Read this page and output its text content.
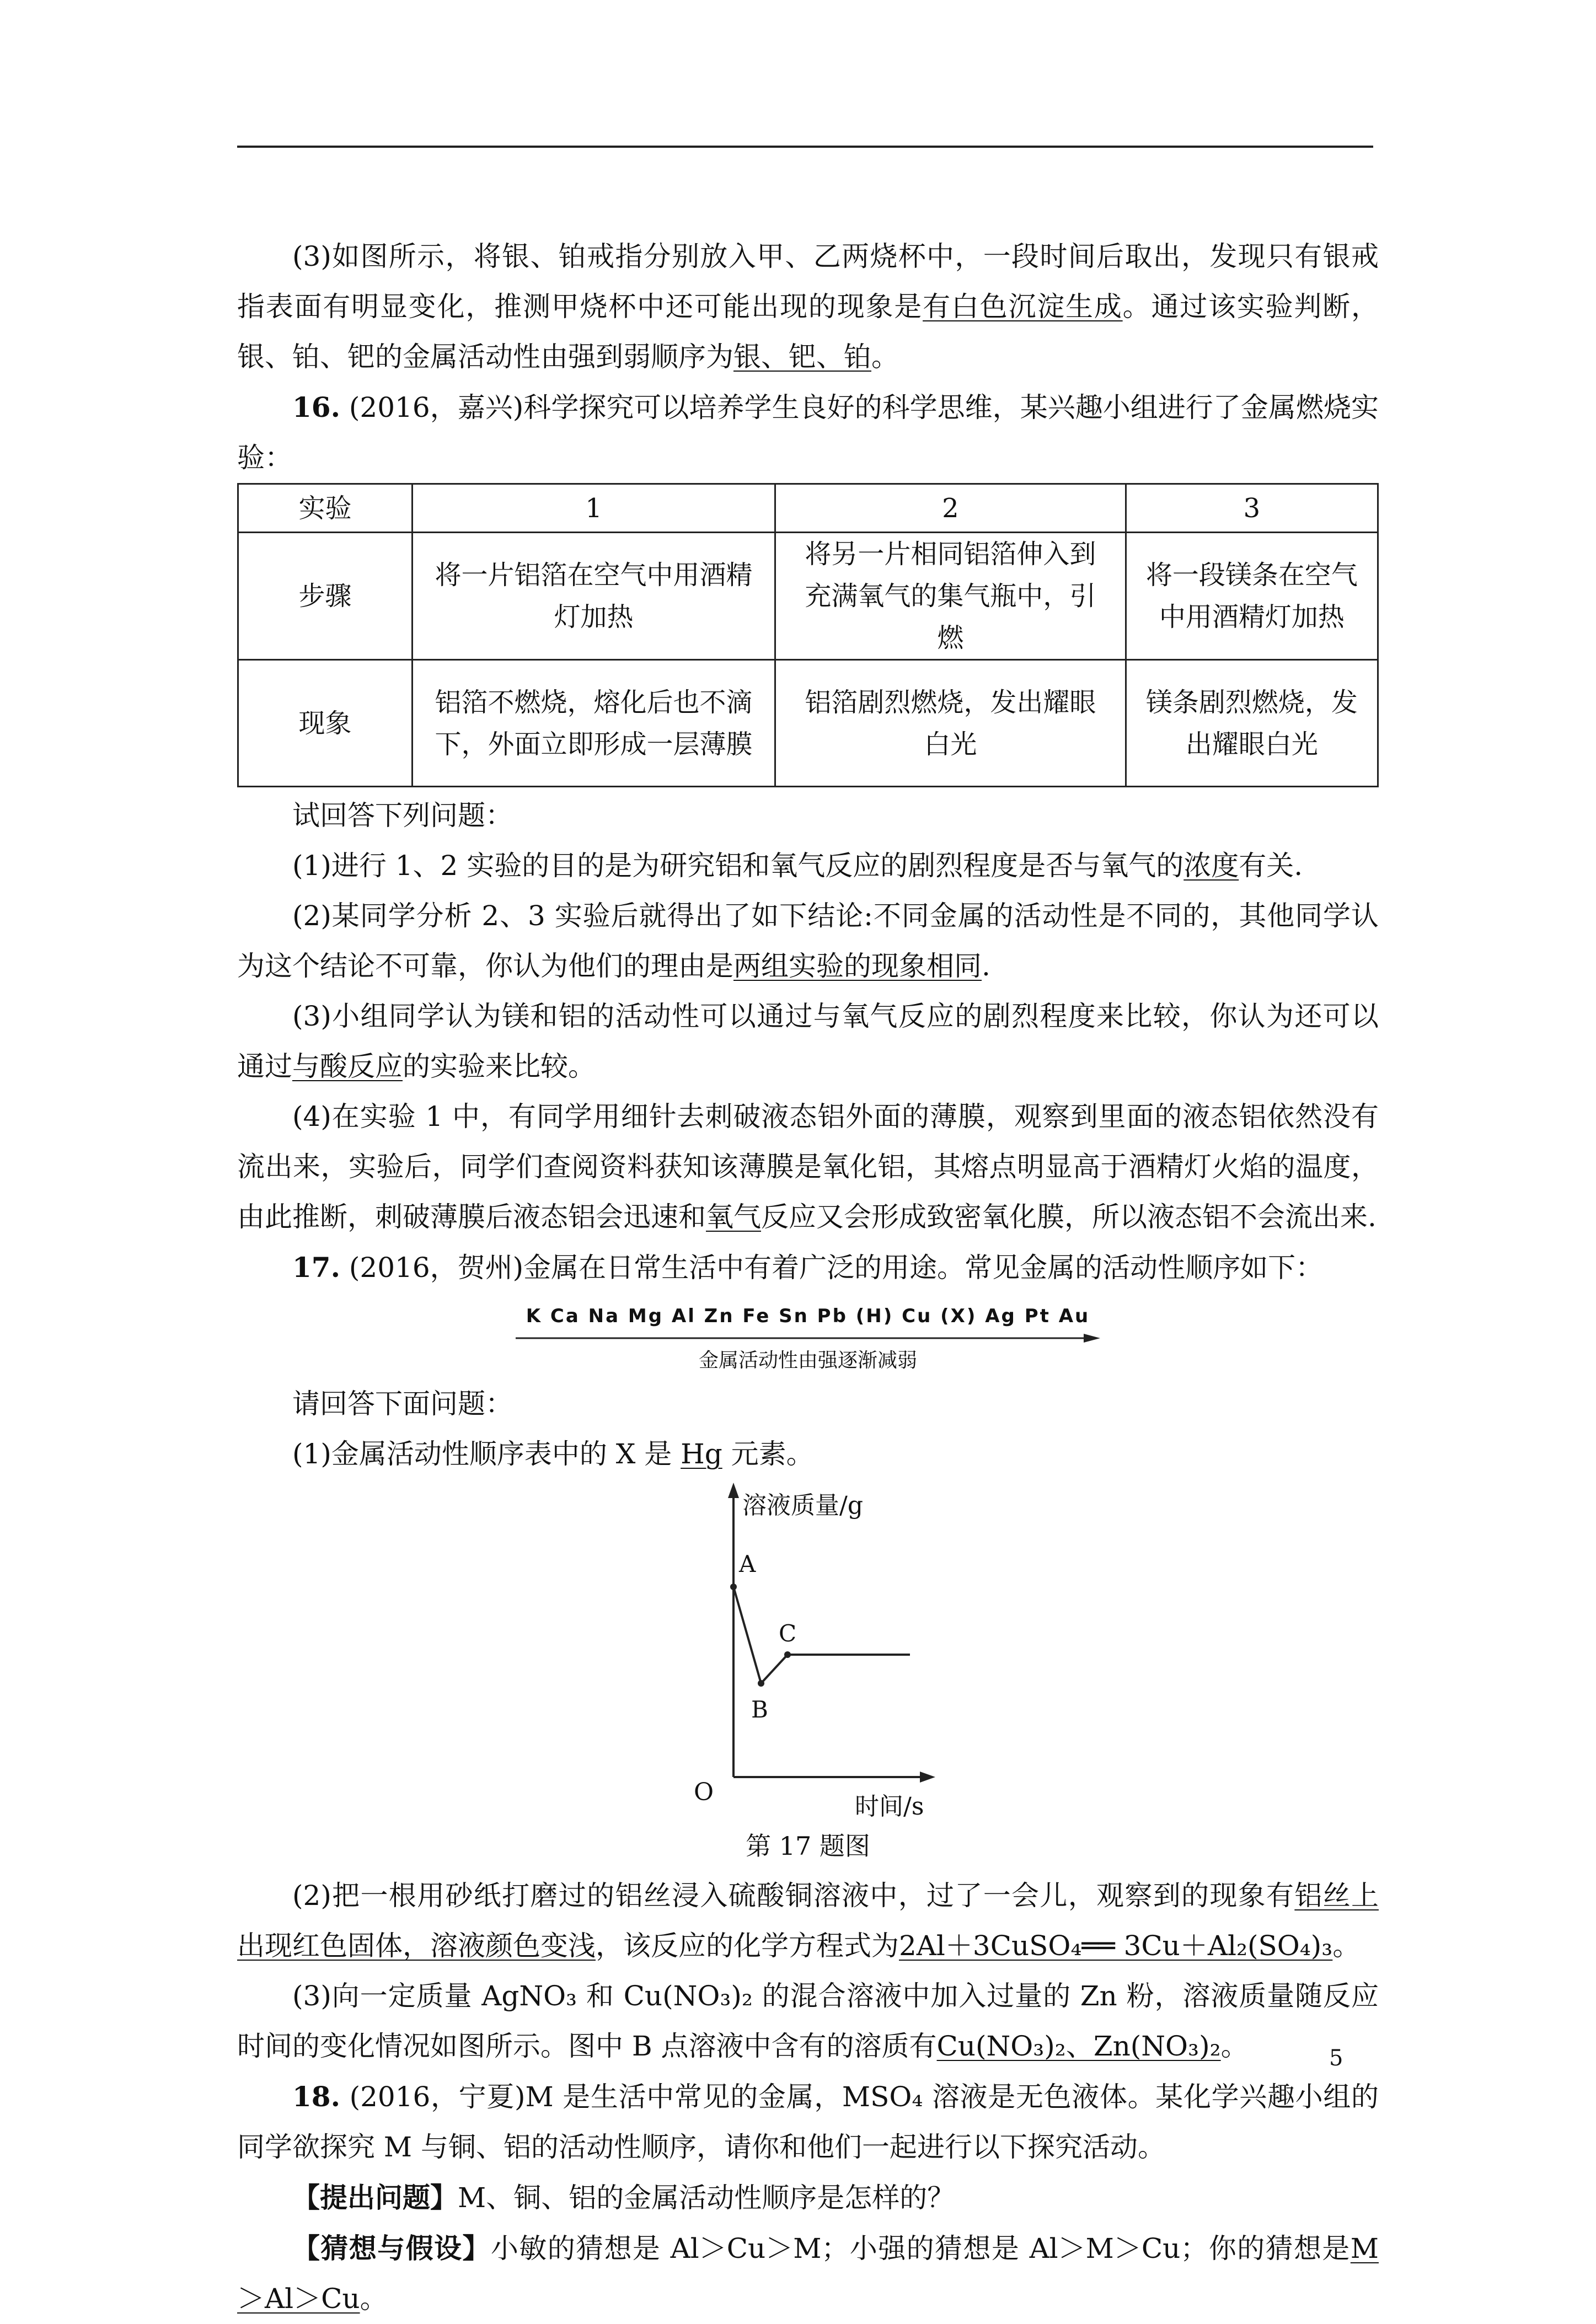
(3)如图所示，将银、铂戒指分别放入甲、乙两烧杯中，一段时间后取出，发现只有银戒指表面有明显变化，推测甲烧杯中还可能出现的现象是有白色沉淀生成。通过该实验判断，银、铂、钯的金属活动性由强到弱顺序为银、钯、铂。

16. (2016，嘉兴)科学探究可以培养学生良好的科学思维，某兴趣小组进行了金属燃烧实验：

实验	1	2	3
步骤	将一片铝箔在空气中用酒精灯加热	将另一片相同铝箔伸入到充满氧气的集气瓶中，引燃	将一段镁条在空气中用酒精灯加热
现象	铝箔不燃烧，熔化后也不滴下，外面立即形成一层薄膜	铝箔剧烈燃烧，发出耀眼白光	镁条剧烈燃烧，发出耀眼白光

试回答下列问题：

(1)进行 1、2 实验的目的是为研究铝和氧气反应的剧烈程度是否与氧气的浓度有关.

(2)某同学分析 2、3 实验后就得出了如下结论:不同金属的活动性是不同的，其他同学认为这个结论不可靠，你认为他们的理由是两组实验的现象相同.

(3)小组同学认为镁和铝的活动性可以通过与氧气反应的剧烈程度来比较，你认为还可以通过与酸反应的实验来比较。

(4)在实验 1 中，有同学用细针去刺破液态铝外面的薄膜，观察到里面的液态铝依然没有流出来，实验后，同学们查阅资料获知该薄膜是氧化铝，其熔点明显高于酒精灯火焰的温度，由此推断，刺破薄膜后液态铝会迅速和氧气反应又会形成致密氧化膜，所以液态铝不会流出来.

17. (2016，贺州)金属在日常生活中有着广泛的用途。常见金属的活动性顺序如下：

K Ca Na Mg Al Zn Fe Sn Pb (H) Cu (X) Ag Pt Au
金属活动性由强逐渐减弱

请回答下面问题：

(1)金属活动性顺序表中的 X 是 Hg 元素。

溶液质量/g
时间/s
O
A
B
C
第 17 题图

(2)把一根用砂纸打磨过的铝丝浸入硫酸铜溶液中，过了一会儿，观察到的现象有铝丝上出现红色固体，溶液颜色变浅，该反应的化学方程式为2Al＋3CuSO₄══ 3Cu＋Al₂(SO₄)₃。

(3)向一定质量 AgNO₃ 和 Cu(NO₃)₂ 的混合溶液中加入过量的 Zn 粉，溶液质量随反应时间的变化情况如图所示。图中 B 点溶液中含有的溶质有Cu(NO₃)₂、Zn(NO₃)₂。

18. (2016，宁夏)M 是生活中常见的金属，MSO₄ 溶液是无色液体。某化学兴趣小组的同学欲探究 M 与铜、铝的活动性顺序，请你和他们一起进行以下探究活动。

【提出问题】M、铜、铝的金属活动性顺序是怎样的？

【猜想与假设】小敏的猜想是 Al＞Cu＞M；小强的猜想是 Al＞M＞Cu；你的猜想是M＞Al＞Cu。

5
